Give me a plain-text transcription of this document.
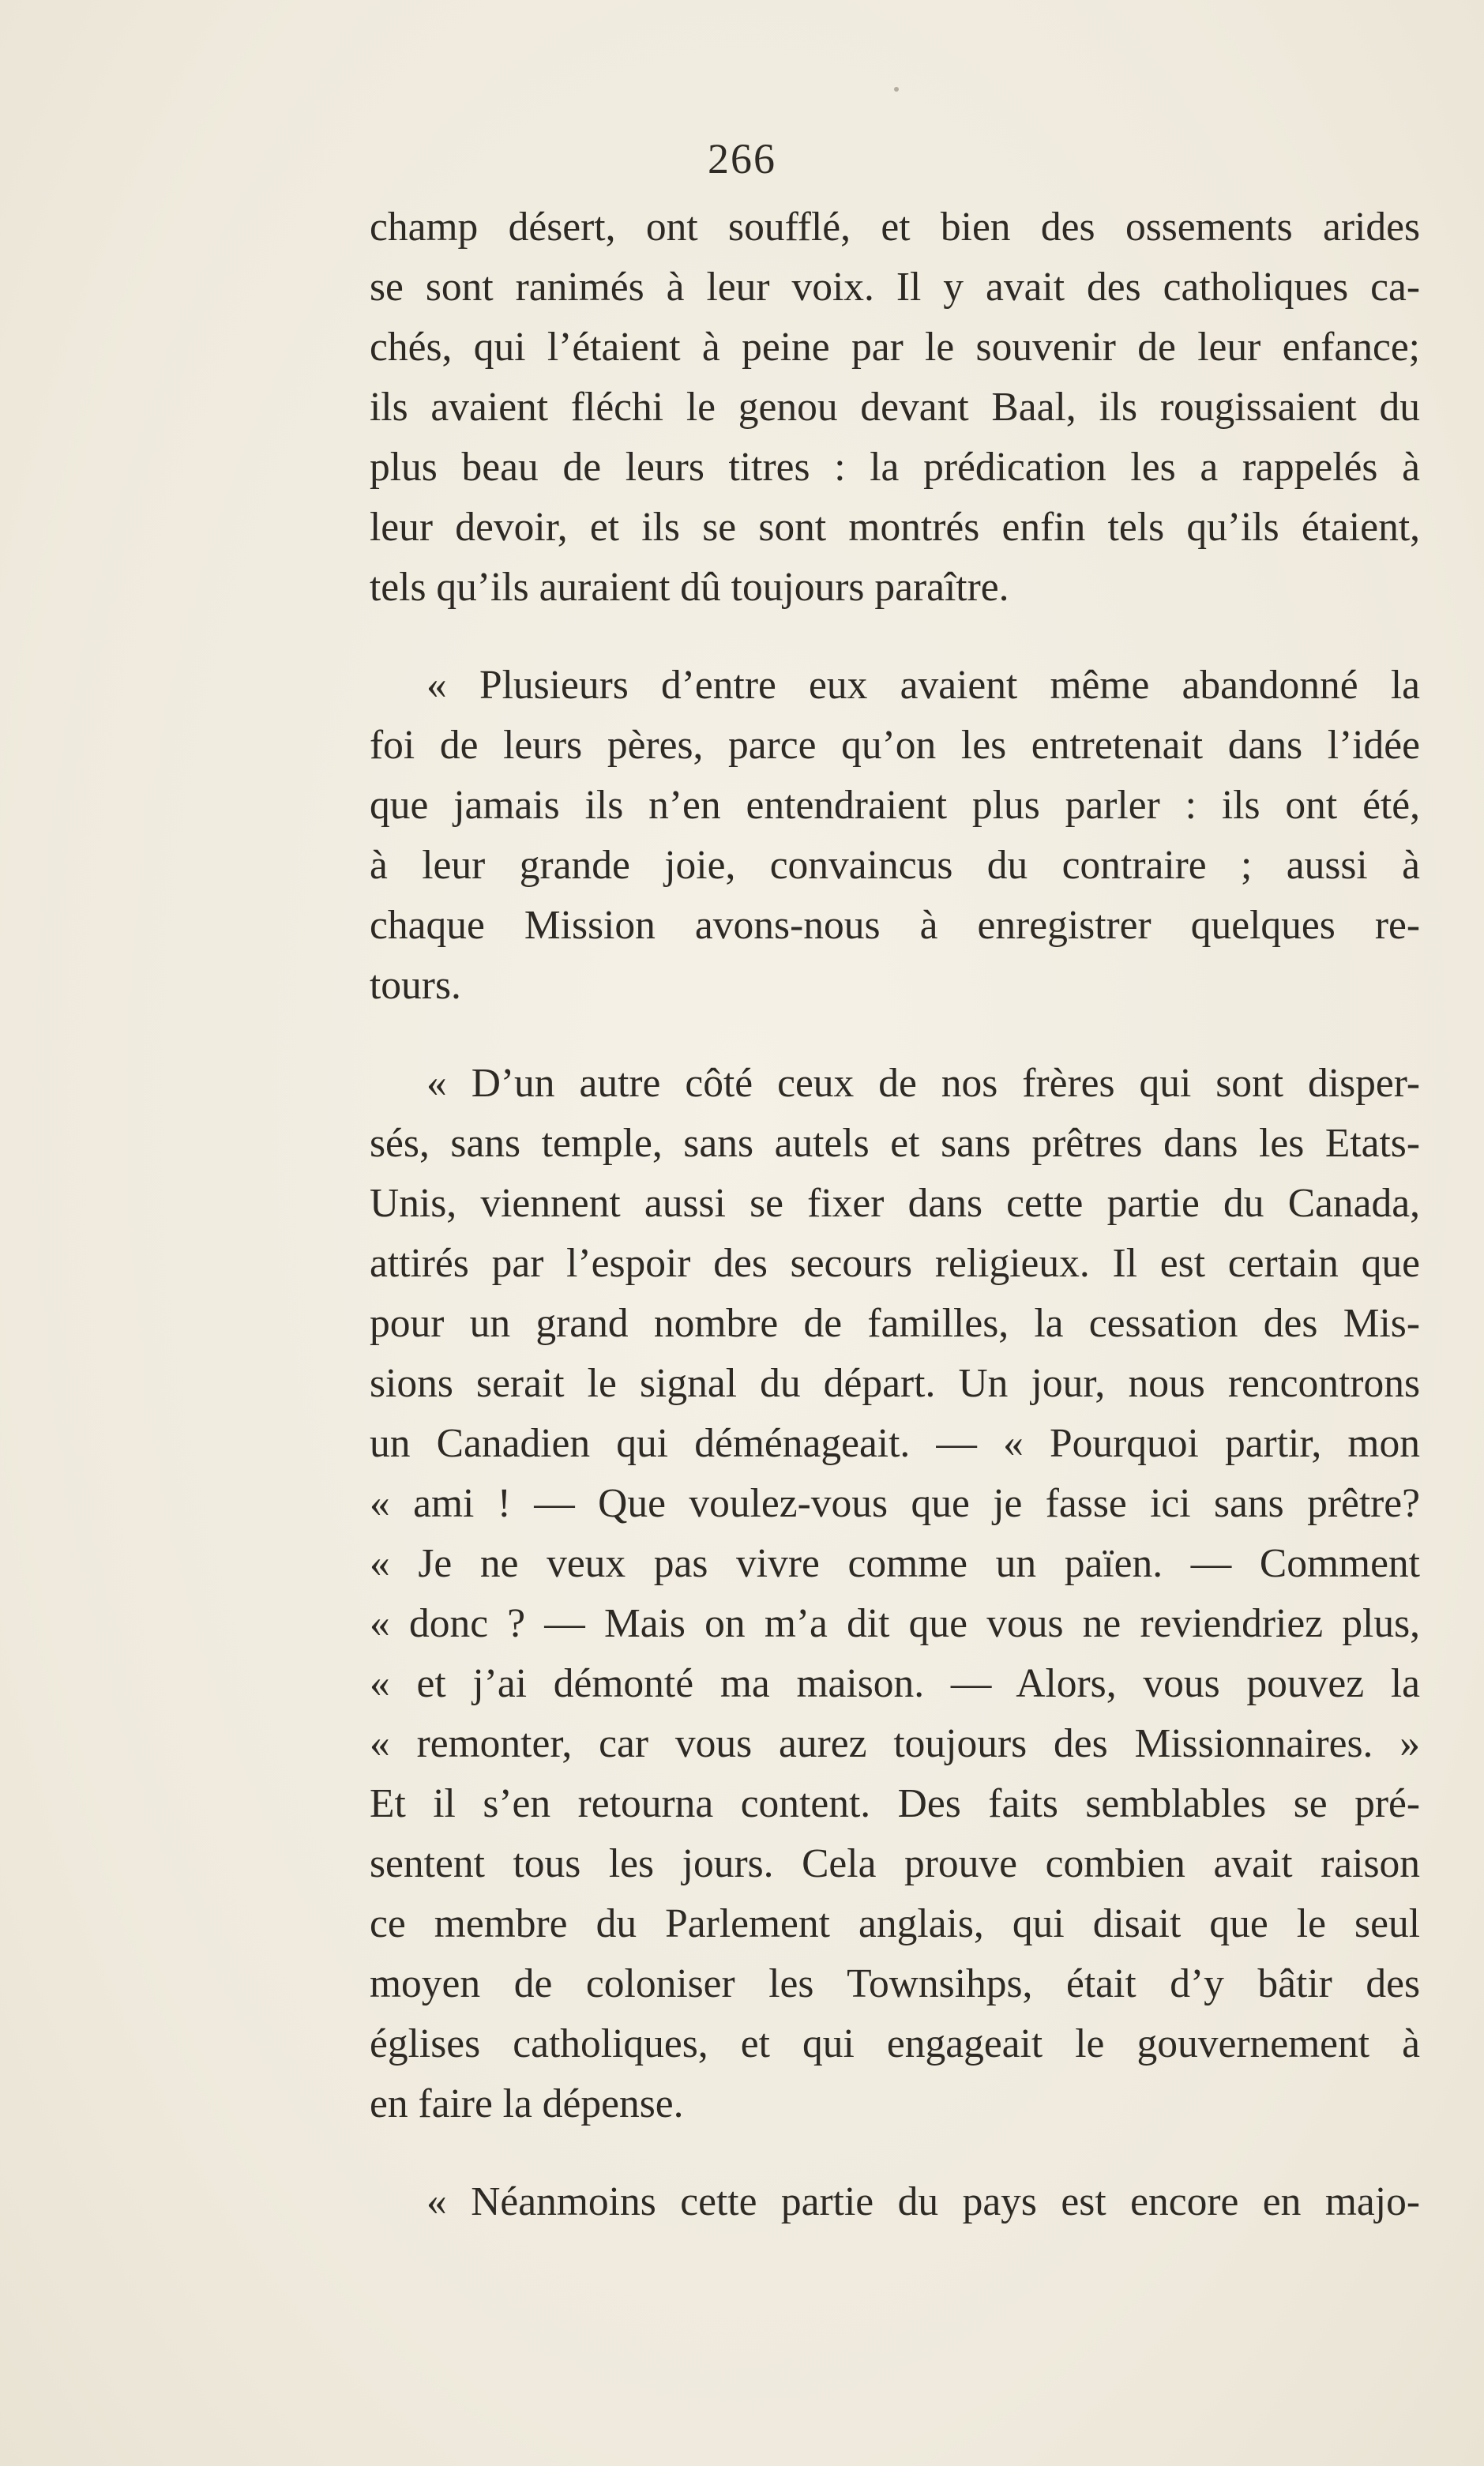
266
champ désert, ont soufflé, et bien des ossements arides
se sont ranimés à leur voix. Il y avait des catholiques ca-
chés, qui l’étaient à peine par le souvenir de leur enfance;
ils avaient fléchi le genou devant Baal, ils rougissaient du
plus beau de leurs titres : la prédication les a rappelés à
leur devoir, et ils se sont montrés enfin tels qu’ils étaient,
tels qu’ils auraient dû toujours paraître.
« Plusieurs d’entre eux avaient même abandonné la
foi de leurs pères, parce qu’on les entretenait dans l’idée
que jamais ils n’en entendraient plus parler : ils ont été,
à leur grande joie, convaincus du contraire ; aussi à
chaque Mission avons-nous à enregistrer quelques re-
tours.
« D’un autre côté ceux de nos frères qui sont disper-
sés, sans temple, sans autels et sans prêtres dans les Etats-
Unis, viennent aussi se fixer dans cette partie du Canada,
attirés par l’espoir des secours religieux. Il est certain que
pour un grand nombre de familles, la cessation des Mis-
sions serait le signal du départ. Un jour, nous rencontrons
un Canadien qui déménageait. — « Pourquoi partir, mon
« ami ! — Que voulez-vous que je fasse ici sans prêtre?
« Je ne veux pas vivre comme un païen. — Comment
« donc ? — Mais on m’a dit que vous ne reviendriez plus,
« et j’ai démonté ma maison. — Alors, vous pouvez la
« remonter, car vous aurez toujours des Missionnaires. »
Et il s’en retourna content. Des faits semblables se pré-
sentent tous les jours. Cela prouve combien avait raison
ce membre du Parlement anglais, qui disait que le seul
moyen de coloniser les Townsihps, était d’y bâtir des
églises catholiques, et qui engageait le gouvernement à
en faire la dépense.
« Néanmoins cette partie du pays est encore en majo-
